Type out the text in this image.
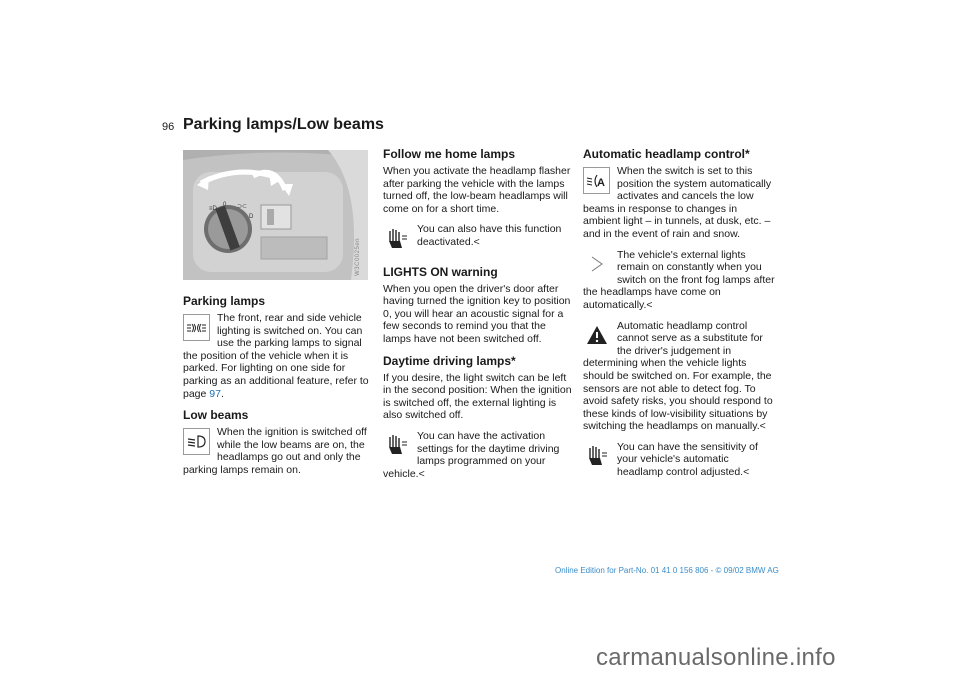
96 Parking lamps/Low beams
≡D
0 ⊃⊂
D
W3C0025en
Parking lamps

The front, rear and side vehicle lighting is switched on. You can use the parking lamps to signal the position of the vehicle when it is parked. For lighting on one side for parking as an additional feature, refer to page 97.

Low beams

When the ignition is switched off while the low beams are on, the headlamps go out and only the parking lamps remain on.

Follow me home lamps

When you activate the headlamp flasher after parking the vehicle with the lamps turned off, the low-beam headlamps will come on for a short time.

You can also have this function deactivated.<

LIGHTS ON warning

When you open the driver's door after having turned the ignition key to position 0, you will hear an acoustic signal for a few seconds to remind you that the lamps have not been switched off.

Daytime driving lamps*

If you desire, the light switch can be left in the second position: When the ignition is switched off, the external lighting is also switched off.

You can have the activation settings for the daytime driving lamps programmed on your vehicle.<

Automatic headlamp control*
A

When the switch is set to this position the system automatically activates and cancels the low beams in response to changes in ambient light – in tunnels, at dusk, etc. – and in the event of rain and snow.

The vehicle's external lights remain on constantly when you switch on the front fog lamps after the headlamps have come on automatically.<

Automatic headlamp control cannot serve as a substitute for the driver's judgement in determining when the vehicle lights should be switched on. For example, the sensors are not able to detect fog. To avoid safety risks, you should respond to these kinds of low-visibility situations by switching the headlamps on manually.<

You can have the sensitivity of your vehicle's automatic headlamp control adjusted.<

Online Edition for Part-No. 01 41 0 156 806 - © 09/02 BMW AG
carmanualsonline.info
